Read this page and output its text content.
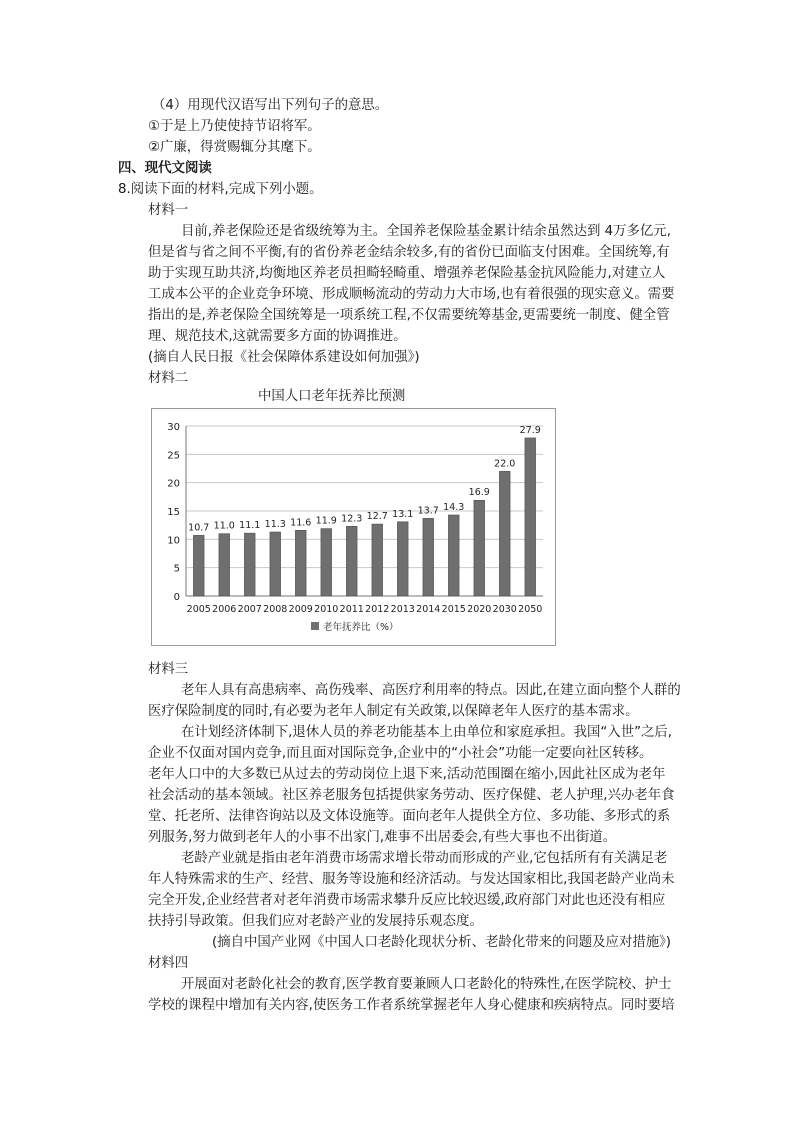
（4）用现代汉语写出下列句子的意思。
①于是上乃使使持节诏将军。
②广廉，得赏赐辄分其麾下。
四、现代文阅读
8.阅读下面的材料,完成下列小题。
材料一
目前,养老保险还是省级统筹为主。全国养老保险基金累计结余虽然达到 4万多亿元,
但是省与省之间不平衡,有的省份养老金结余较多,有的省份已面临支付困难。全国统筹,有
助于实现互助共济,均衡地区养老员担畸轻畸重、增强养老保险基金抗风险能力,对建立人
工成本公平的企业竞争环境、形成顺畅流动的劳动力大市场,也有着很强的现实意义。需要
指出的是,养老保险全国统筹是一项系统工程,不仅需要统筹基金,更需要统一制度、健全管
理、规范技术,这就需要多方面的协调推进。
(摘自人民日报《社会保障体系建设如何加强》)
材料二
中国人口老年抚养比预测
0
5
10
15
20
25
30
10.7
2005
11.0
2006
11.1
2007
11.3
2008
11.6
2009
11.9
2010
12.3
2011
12.7
2012
13.1
2013
13.7
2014
14.3
2015
16.9
2020
22.0
2030
27.9
2050
老年抚养比（%）
材料三
老年人具有高患病率、高伤残率、高医疗利用率的特点。因此,在建立面向整个人群的
医疗保险制度的同时,有必要为老年人制定有关政策,以保障老年人医疗的基本需求。
在计划经济体制下,退休人员的养老功能基本上由单位和家庭承担。我国“入世”之后,
企业不仅面对国内竞争,而且面对国际竞争,企业中的“小社会”功能一定要向社区转移。
老年人口中的大多数已从过去的劳动岗位上退下来,活动范围圈在缩小,因此社区成为老年
社会活动的基本领域。社区养老服务包括提供家务劳动、医疗保健、老人护理,兴办老年食
堂、托老所、法律咨询站以及文体设施等。面向老年人提供全方位、多功能、多形式的系
列服务,努力做到老年人的小事不出家门,难事不出居委会,有些大事也不出街道。
老龄产业就是指由老年消费市场需求增长带动而形成的产业,它包括所有有关满足老
年人特殊需求的生产、经营、服务等设施和经济活动。与发达国家相比,我国老龄产业尚未
完全开发,企业经营者对老年消费市场需求攀升反应比较迟缓,政府部门对此也还没有相应
扶持引导政策。但我们应对老龄产业的发展持乐观态度。
(摘自中国产业网《中国人口老龄化现状分析、老龄化带来的问题及应对措施》)
材料四
开展面对老龄化社会的教育,医学教育要兼顾人口老龄化的特殊性,在医学院校、护士
学校的课程中增加有关内容,使医务工作者系统掌握老年人身心健康和疾病特点。同时要培
